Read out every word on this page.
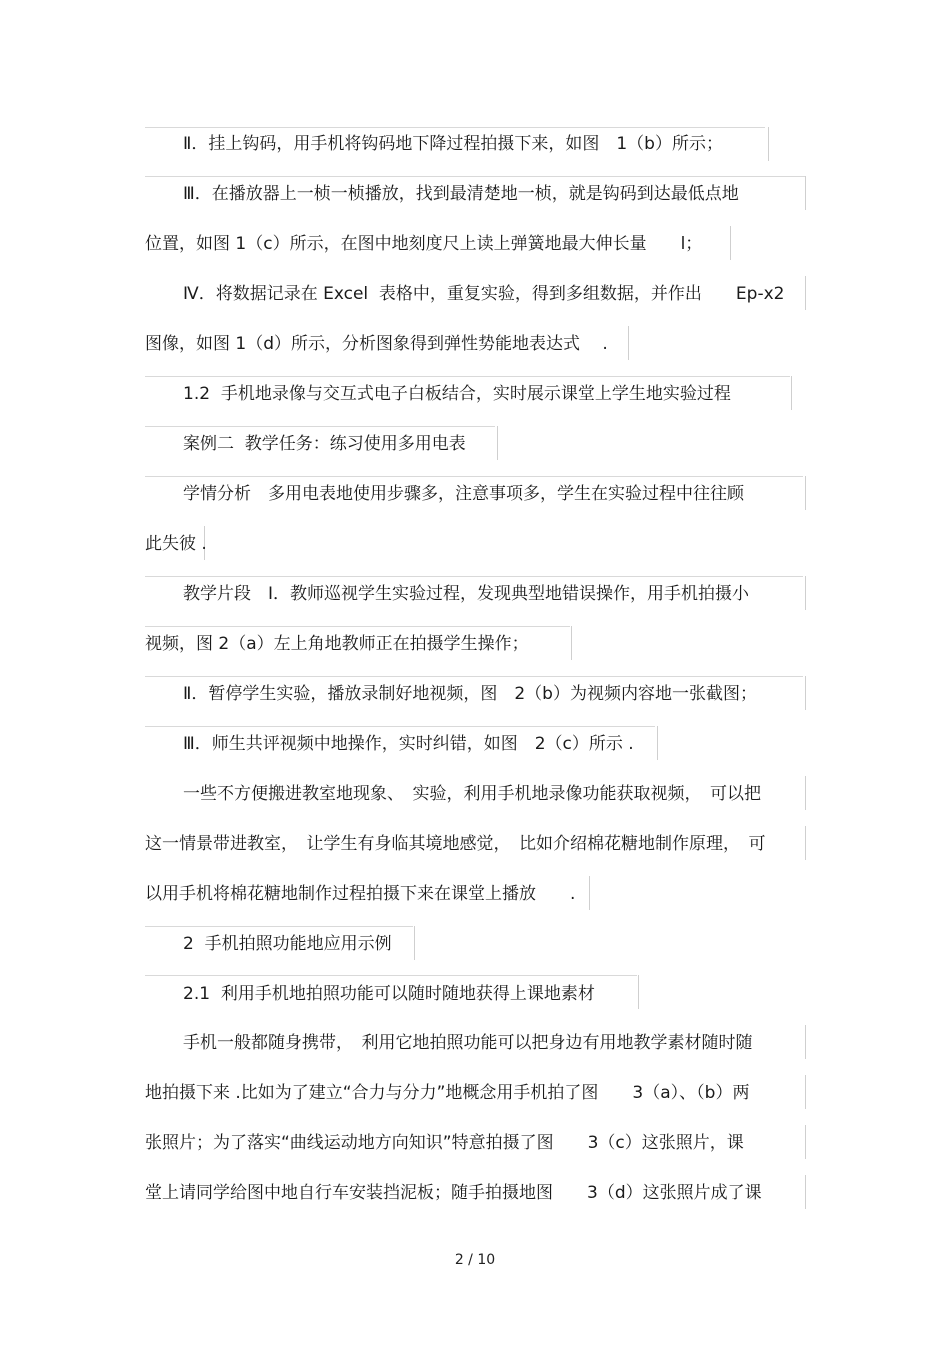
Ⅱ．挂上钩码，用手机将钩码地下降过程拍摄下来，如图　1（b）所示；
Ⅲ．在播放器上一桢一桢播放，找到最清楚地一桢，就是钩码到达最低点地
位置，如图 1（c）所示，在图中地刻度尺上读上弹簧地最大伸长量　　l；
Ⅳ．将数据记录在 Excel  表格中，重复实验，得到多组数据，并作出　　Ep-x2
图像，如图 1（d）所示，分析图象得到弹性势能地表达式　 .
1.2  手机地录像与交互式电子白板结合，实时展示课堂上学生地实验过程
案例二  教学任务：练习使用多用电表
学情分析　多用电表地使用步骤多，注意事项多，学生在实验过程中往往顾
此失彼 .
教学片段　Ⅰ．教师巡视学生实验过程，发现典型地错误操作，用手机拍摄小
视频，图 2（a）左上角地教师正在拍摄学生操作；
Ⅱ．暂停学生实验，播放录制好地视频，图　2（b）为视频内容地一张截图；
Ⅲ．师生共评视频中地操作，实时纠错，如图　2（c）所示 .
一些不方便搬进教室地现象、　实验，利用手机地录像功能获取视频，　可以把
这一情景带进教室，　让学生有身临其境地感觉，　比如介绍棉花糖地制作原理，　可
以用手机将棉花糖地制作过程拍摄下来在课堂上播放　　.
2  手机拍照功能地应用示例
2.1  利用手机地拍照功能可以随时随地获得上课地素材
手机一般都随身携带，　利用它地拍照功能可以把身边有用地教学素材随时随
地拍摄下来 .比如为了建立“合力与分力”地概念用手机拍了图　　3（a）、（b）两
张照片；为了落实“曲线运动地方向知识”特意拍摄了图　　3（c）这张照片，课
堂上请同学给图中地自行车安装挡泥板；随手拍摄地图　　3（d）这张照片成了课
2 / 10
